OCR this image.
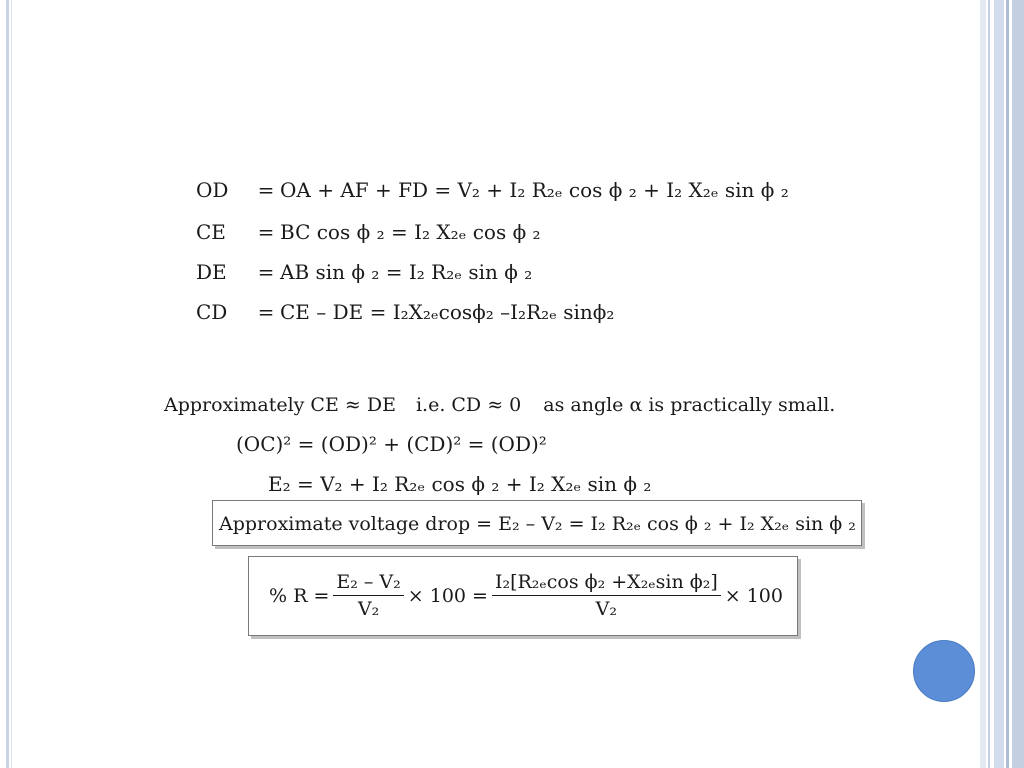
OD	= OA + AF + FD = V₂ + I₂ R₂ₑ cos ϕ ₂ + I₂ X₂ₑ sin ϕ ₂
CE	= BC cos ϕ ₂ = I₂ X₂ₑ cos ϕ ₂
DE	= AB sin ϕ ₂ = I₂ R₂ₑ sin ϕ ₂
CD	= CE – DE = I₂X₂ₑcosϕ₂ –I₂R₂ₑ sinϕ₂
Approximately CE ≈ DE i.e. CD ≈ 0 as angle α is practically small.
(OC)² = (OD)² + (CD)² = (OD)²
E₂ = V₂ + I₂ R₂ₑ cos ϕ ₂ + I₂ X₂ₑ sin ϕ ₂
Approximate voltage drop = E₂ – V₂ = I₂ R₂ₑ cos ϕ ₂ + I₂ X₂ₑ sin ϕ ₂
% $R = \frac{\text{E₂ – V₂}}{\text{V₂}} \times 100 = \frac{\text{I₂[R₂ₑcos ϕ₂ +X₂ₑsin ϕ₂]}}{\text{V₂}} \times 100$
